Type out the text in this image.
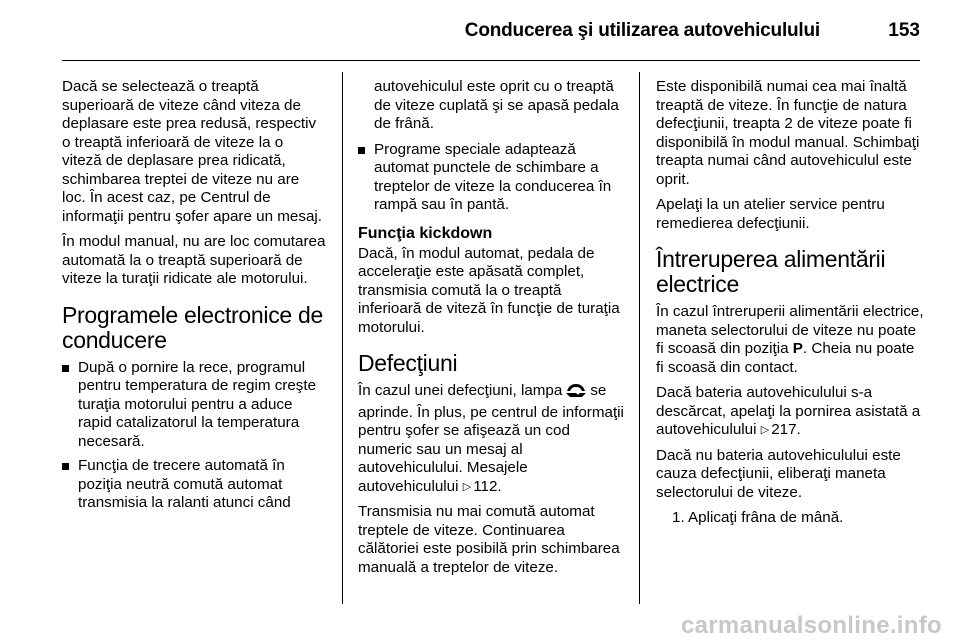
Conducerea şi utilizarea autovehiculului	153

Dacă se selectează o treaptă superioară de viteze când viteza de deplasare este prea redusă, respectiv o treaptă inferioară de viteze la o viteză de deplasare prea ridicată, schimbarea treptei de viteze nu are loc. În acest caz, pe Centrul de informaţii pentru şofer apare un mesaj.

În modul manual, nu are loc comutarea automată la o treaptă superioară de viteze la turaţii ridicate ale motorului.

Programele electronice de conducere
După o pornire la rece, programul pentru temperatura de regim creşte turaţia motorului pentru a aduce rapid catalizatorul la temperatura necesară.
Funcţia de trecere automată în poziţia neutră comută automat transmisia la ralanti atunci când

autovehiculul este oprit cu o treaptă de viteze cuplată şi se apasă pedala de frână.

Programe speciale adaptează automat punctele de schimbare a treptelor de viteze la conducerea în rampă sau în pantă.
Funcţia kickdown

Dacă, în modul automat, pedala de acceleraţie este apăsată complet, transmisia comută la o treaptă inferioară de viteză în funcţie de turaţia motorului.

Defecţiuni

În cazul unei defecţiuni, lampa se aprinde. În plus, pe centrul de informaţii pentru şofer se afişează un cod numeric sau un mesaj al autovehiculului. Mesajele autovehiculului ▷ 112.

Transmisia nu mai comută automat treptele de viteze. Continuarea călătoriei este posibilă prin schimbarea manuală a treptelor de viteze.

Este disponibilă numai cea mai înaltă treaptă de viteze. În funcţie de natura defecţiunii, treapta 2 de viteze poate fi disponibilă în modul manual. Schimbaţi treapta numai când autovehiculul este oprit.

Apelaţi la un atelier service pentru remedierea defecţiunii.

Întreruperea alimentării electrice

În cazul întreruperii alimentării electrice, maneta selectorului de viteze nu poate fi scoasă din poziţia P. Cheia nu poate fi scoasă din contact.

Dacă bateria autovehiculului s-a descărcat, apelaţi la pornirea asistată a autovehiculului ▷ 217.

Dacă nu bateria autovehiculului este cauza defecţiunii, eliberaţi maneta selectorului de viteze.

1. Aplicaţi frâna de mână.
carmanualsonline.info
